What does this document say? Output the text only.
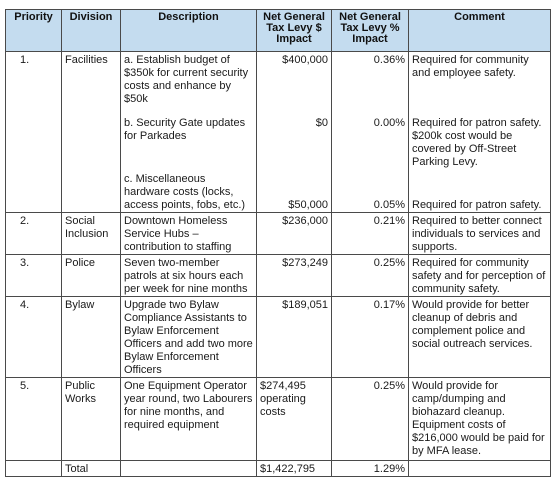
Priority	Division	Description	Net General Tax Levy $ Impact	Net General Tax Levy % Impact	Comment
1.	Facilities	a. Establish budget of $350k for current security costs and enhance by $50k	$400,000	0.36%	Required for community and employee safety.
		b. Security Gate updates for Parkades	$0	0.00%	Required for patron safety. $200k cost would be covered by Off-Street Parking Levy.
		c. Miscellaneous hardware costs (locks, access points, fobs, etc.)	$50,000	0.05%	Required for patron safety.
2.	Social Inclusion	Downtown Homeless Service Hubs – contribution to staffing	$236,000	0.21%	Required to better connect individuals to services and supports.
3.	Police	Seven two-member patrols at six hours each per week for nine months	$273,249	0.25%	Required for community safety and for perception of community safety.
4.	Bylaw	Upgrade two Bylaw Compliance Assistants to Bylaw Enforcement Officers and add two more Bylaw Enforcement Officers	$189,051	0.17%	Would provide for better cleanup of debris and complement police and social outreach services.
5.	Public Works	One Equipment Operator year round, two Labourers for nine months, and required equipment	$274,495 operating costs	0.25%	Would provide for camp/dumping and biohazard cleanup. Equipment costs of $216,000 would be paid for by MFA lease.
	Total		$1,422,795	1.29%	
